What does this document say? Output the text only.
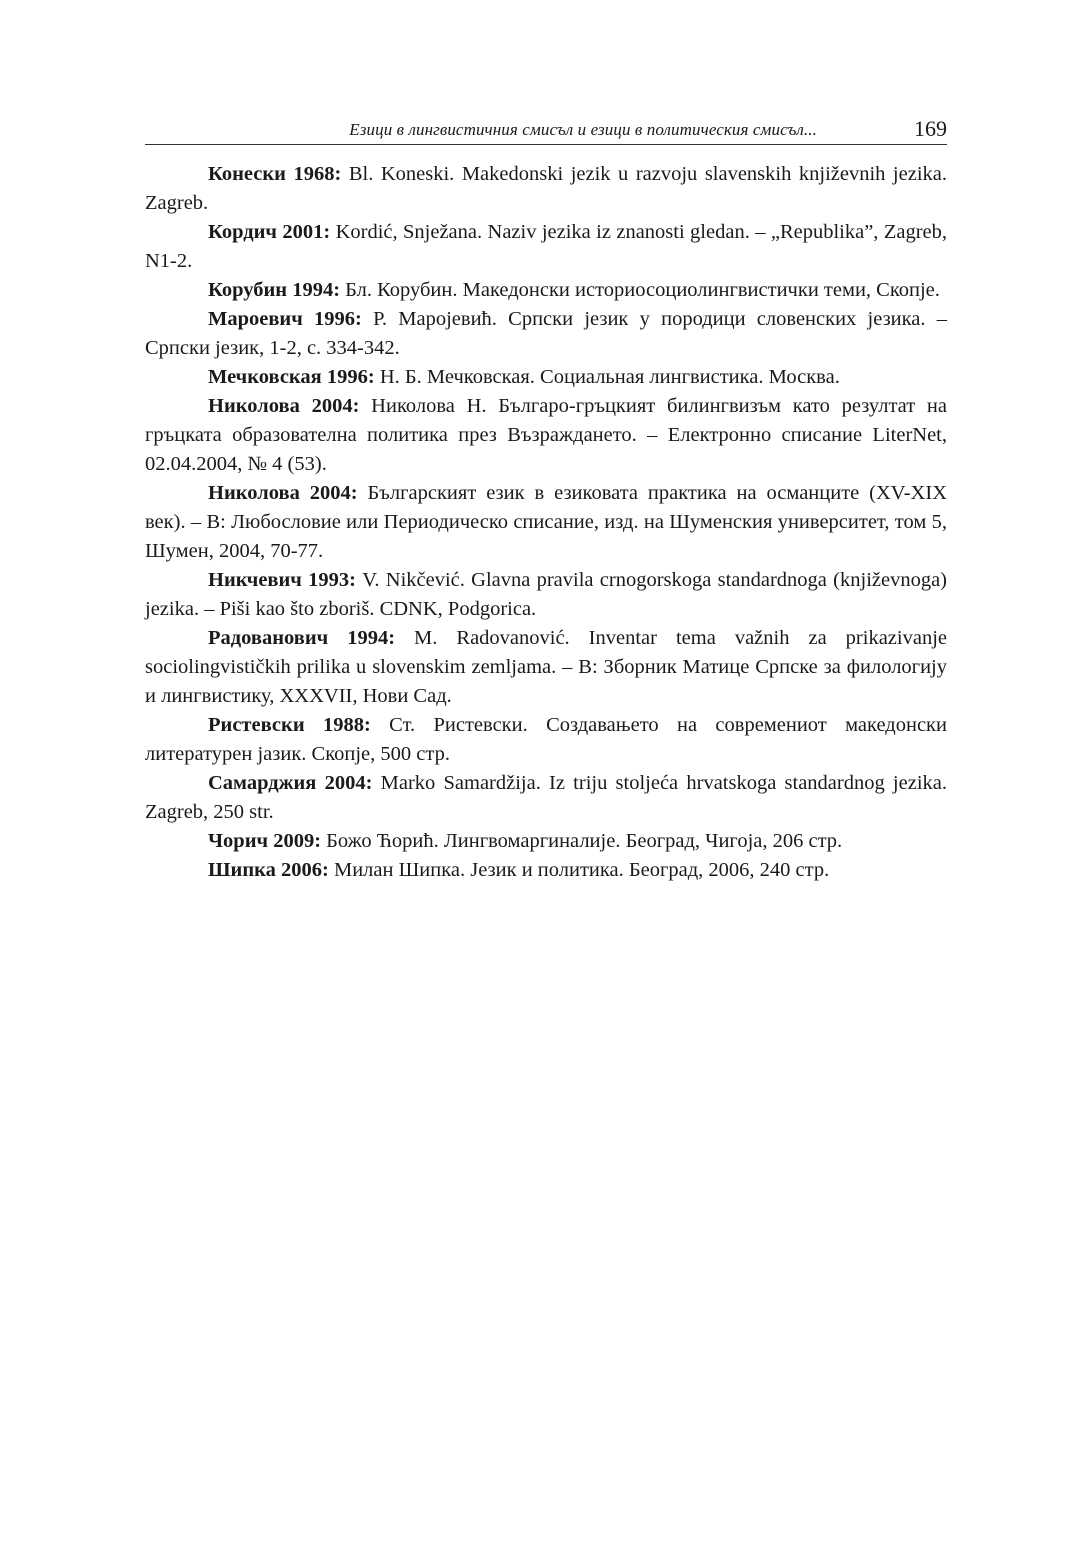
Езици в лингвистичния смисъл и езици в политическия смисъл...	169

Конески 1968: Bl. Koneski. Makedonski jezik u razvoju slavenskih književnih jezika. Zagreb.

Кордич 2001: Kordić, Snježana. Naziv jezika iz znanosti gledan. – „Republika”, Zagreb, N1-2.

Корубин 1994: Бл. Корубин. Македонски историосоциолингвистички теми, Скопје.

Мароевич 1996: Р. Маројевић. Српски језик у породици словенских језика. – Српски језик, 1-2, с. 334-342.

Мечковская 1996: Н. Б. Мечковская. Социальная лингвистика. Москва.

Николова 2004: Николова Н. Българо-гръцкият билингвизъм като резултат на гръцката образователна политика през Възраждането. – Електронно списание LiterNet, 02.04.2004, № 4 (53).

Николова 2004: Българският език в езиковата практика на османците (XV-XIX век). – В: Любословие или Периодическо списание, изд. на Шуменския университет, том 5, Шумен, 2004, 70-77.

Никчевич 1993: V. Nikčević. Glavna pravila crnogorskoga standardnoga (književnoga) jezika. – Piši kao što zboriš. CDNK, Podgorica.

Радованович 1994: M. Radovanović. Inventar tema važnih za prikazivanje sociolingvističkih prilika u slovenskim zemljama. – В: Зборник Матице Српске за филологију и лингвистику, XXXVII, Нови Сад.

Ристевски 1988: Ст. Ристевски. Создавањето на современиот македонски литературен јазик. Скопје, 500 стр.

Самарджия 2004: Marko Samardžija. Iz triju stoljeća hrvatskoga standardnog jezika. Zagreb, 250 str.

Чорич 2009: Божо Ћорић. Лингвомаргиналије. Београд, Чигоја, 206 стр.

Шипка 2006: Милан Шипка. Језик и политика. Београд, 2006, 240 стр.
